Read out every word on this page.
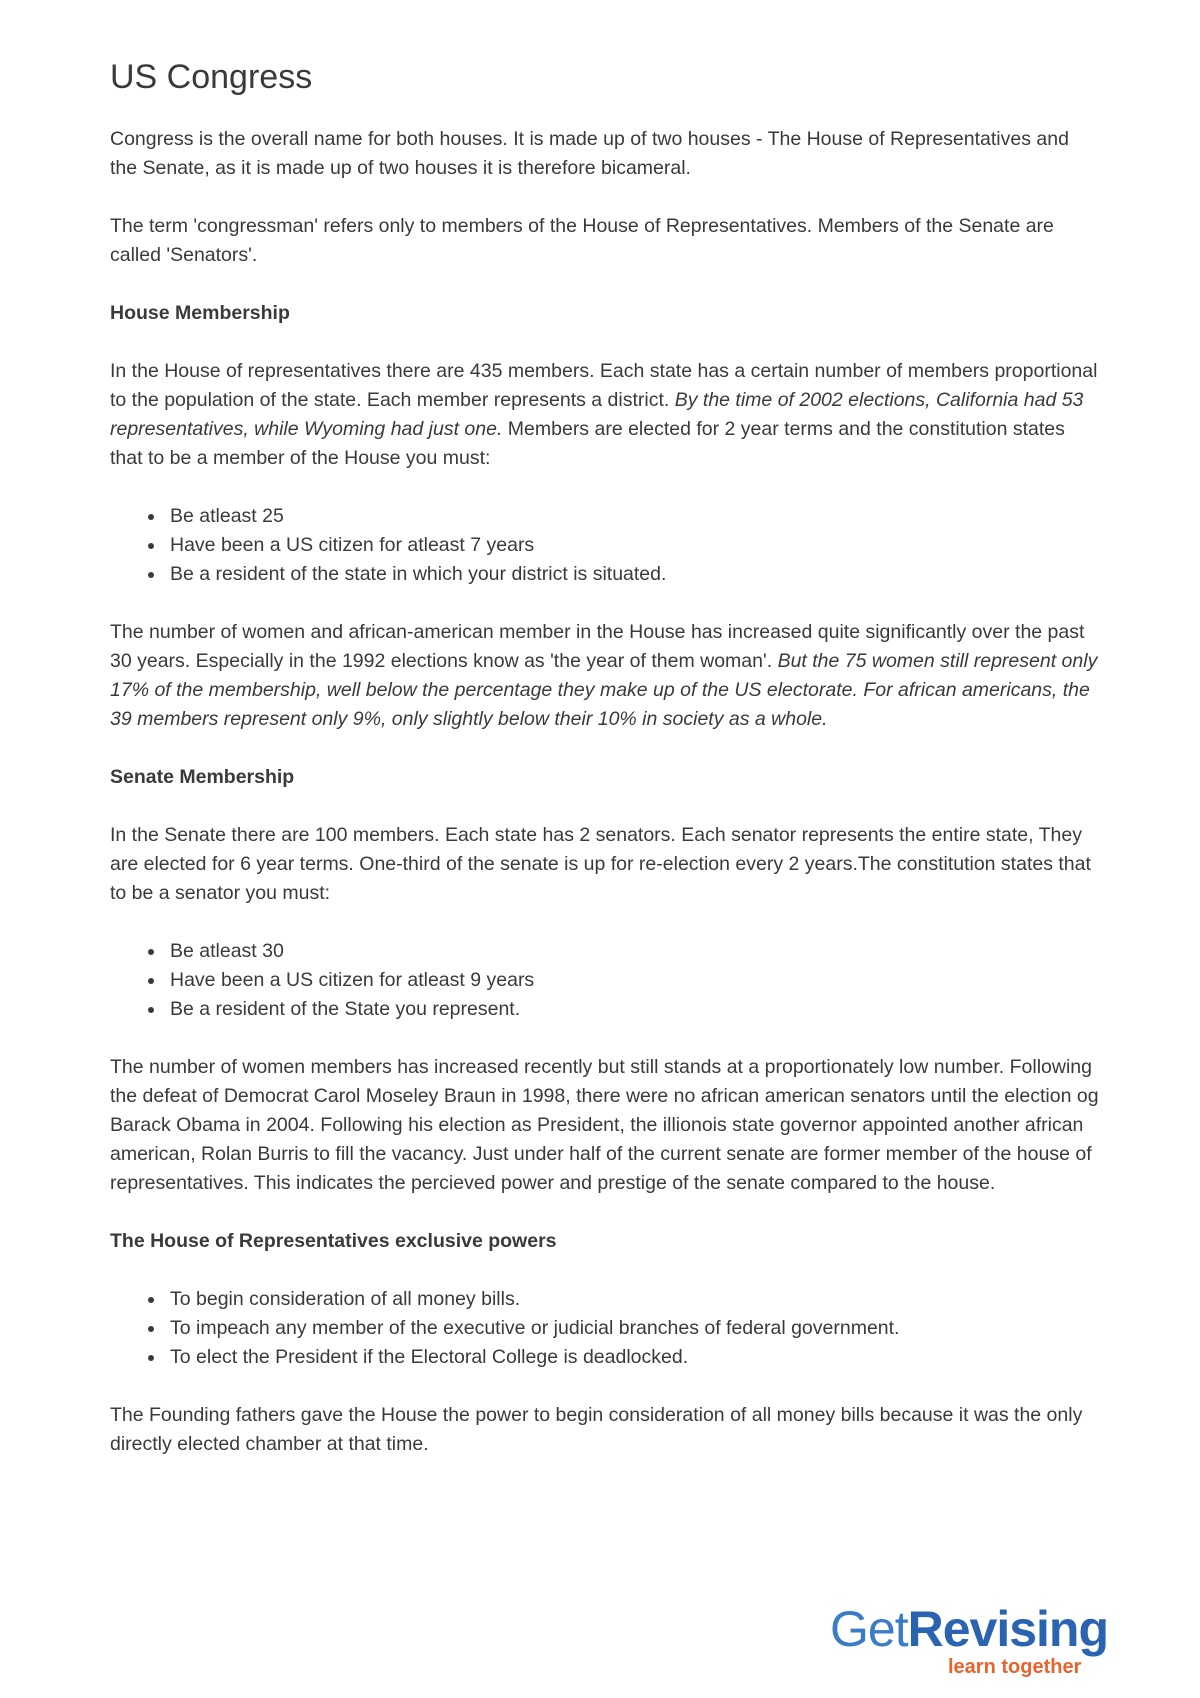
US Congress

Congress is the overall name for both houses. It is made up of two houses - The House of Representatives and the Senate, as it is made up of two houses it is therefore bicameral.

The term 'congressman' refers only to members of the House of Representatives. Members of the Senate are called 'Senators'.

House Membership

In the House of representatives there are 435 members. Each state has a certain number of members proportional to the population of the state. Each member represents a district. By the time of 2002 elections, California had 53 representatives, while Wyoming had just one. Members are elected for 2 year terms and the constitution states that to be a member of the House you must:

Be atleast 25
Have been a US citizen for atleast 7 years
Be a resident of the state in which your district is situated.

The number of women and african-american member in the House has increased quite significantly over the past 30 years. Especially in the 1992 elections know as 'the year of them woman'. But the 75 women still represent only 17% of the membership, well below the percentage they make up of the US electorate. For african americans, the 39 members represent only 9%, only slightly below their 10% in society as a whole.

Senate Membership

In the Senate there are 100 members. Each state has 2 senators. Each senator represents the entire state, They are elected for 6 year terms. One-third of the senate is up for re-election every 2 years.The constitution states that to be a senator you must:

Be atleast 30
Have been a US citizen for atleast 9 years
Be a resident of the State you represent.

The number of women members has increased recently but still stands at a proportionately low number. Following the defeat of Democrat Carol Moseley Braun in 1998, there were no african american senators until the election og Barack Obama in 2004. Following his election as President, the illionois state governor appointed another african american, Rolan Burris to fill the vacancy. Just under half of the current senate are former member of the house of representatives. This indicates the percieved power and prestige of the senate compared to the house.

The House of Representatives exclusive powers
To begin consideration of all money bills.
To impeach any member of the executive or judicial branches of federal government.
To elect the President if the Electoral College is deadlocked.

The Founding fathers gave the House the power to begin consideration of all money bills because it was the only directly elected chamber at that time.

GetRevising
learn together
